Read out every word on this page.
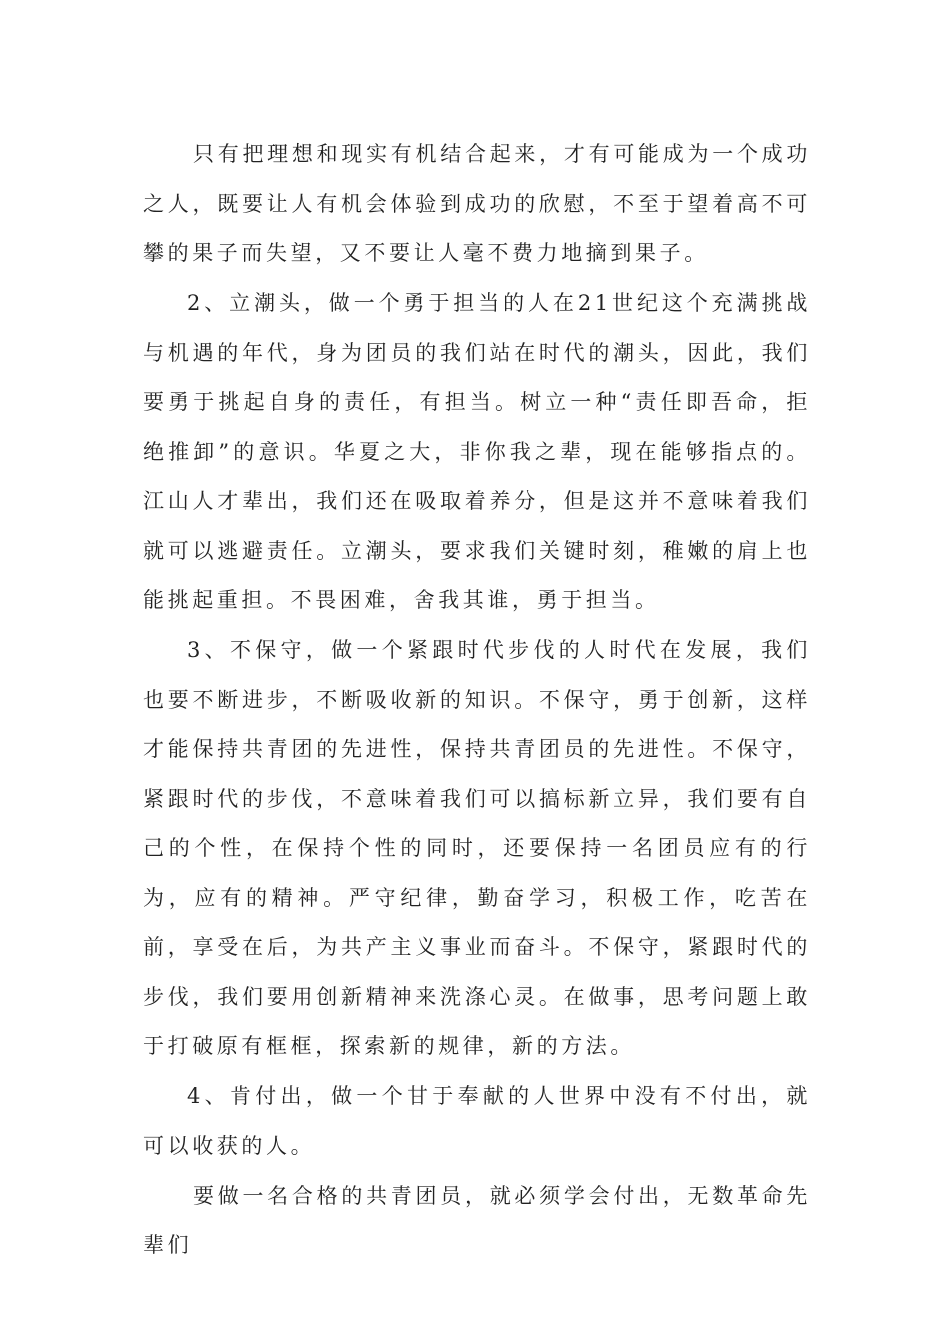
只有把理想和现实有机结合起来，才有可能成为一个成功之人，既要让人有机会体验到成功的欣慰，不至于望着高不可攀的果子而失望，又不要让人毫不费力地摘到果子。

2、立潮头，做一个勇于担当的人在21世纪这个充满挑战与机遇的年代，身为团员的我们站在时代的潮头，因此，我们要勇于挑起自身的责任，有担当。树立一种“责任即吾命，拒绝推卸”的意识。华夏之大，非你我之辈，现在能够指点的。江山人才辈出，我们还在吸取着养分，但是这并不意味着我们就可以逃避责任。立潮头，要求我们关键时刻，稚嫩的肩上也能挑起重担。不畏困难，舍我其谁，勇于担当。

3、不保守，做一个紧跟时代步伐的人时代在发展，我们也要不断进步，不断吸收新的知识。不保守，勇于创新，这样才能保持共青团的先进性，保持共青团员的先进性。不保守，紧跟时代的步伐，不意味着我们可以搞标新立异，我们要有自己的个性，在保持个性的同时，还要保持一名团员应有的行为，应有的精神。严守纪律，勤奋学习，积极工作，吃苦在前，享受在后，为共产主义事业而奋斗。不保守，紧跟时代的步伐，我们要用创新精神来洗涤心灵。在做事，思考问题上敢于打破原有框框，探索新的规律，新的方法。

4、肯付出，做一个甘于奉献的人世界中没有不付出，就可以收获的人。

要做一名合格的共青团员，就必须学会付出，无数革命先辈们
